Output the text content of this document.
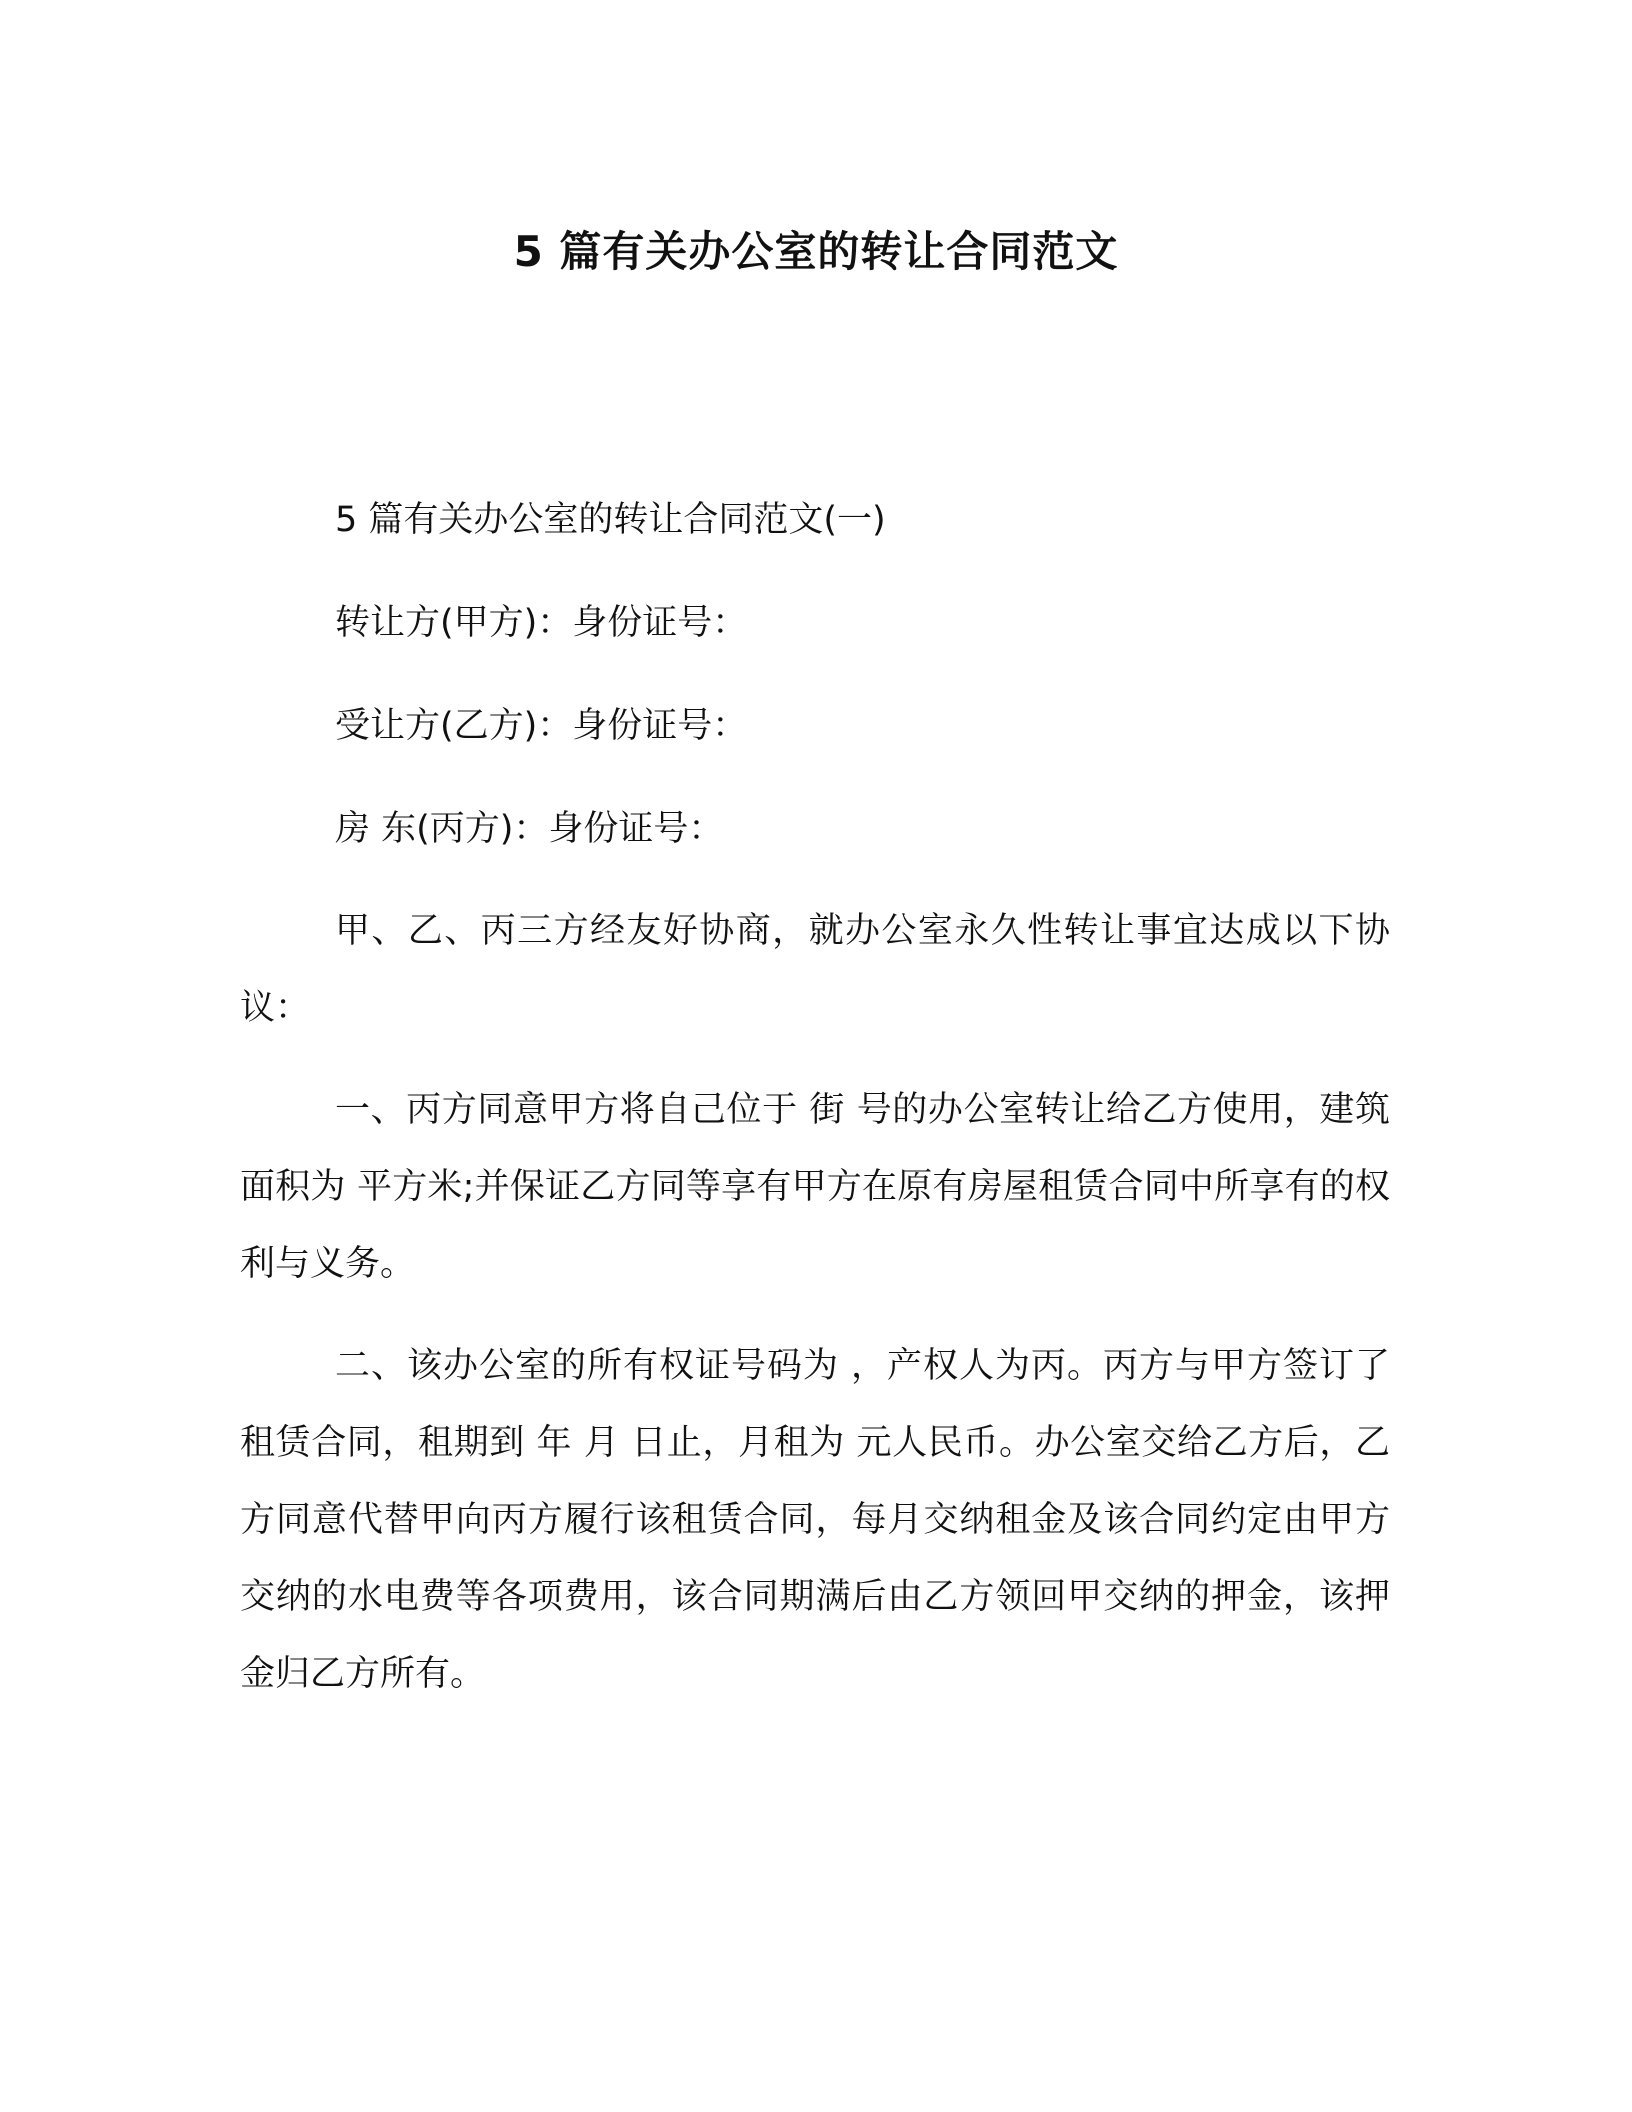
5 篇有关办公室的转让合同范文
5 篇有关办公室的转让合同范文(一)
转让方(甲方)：身份证号：
受让方(乙方)：身份证号：
房 东(丙方)：身份证号：
甲、乙、丙三方经友好协商，就办公室永久性转让事宜达成以下协议：
一、丙方同意甲方将自己位于 街 号的办公室转让给乙方使用，建筑面积为 平方米;并保证乙方同等享有甲方在原有房屋租赁合同中所享有的权利与义务。
二、该办公室的所有权证号码为 ，产权人为丙。丙方与甲方签订了租赁合同，租期到 年 月 日止，月租为 元人民币。办公室交给乙方后，乙方同意代替甲向丙方履行该租赁合同，每月交纳租金及该合同约定由甲方交纳的水电费等各项费用，该合同期满后由乙方领回甲交纳的押金，该押金归乙方所有。
